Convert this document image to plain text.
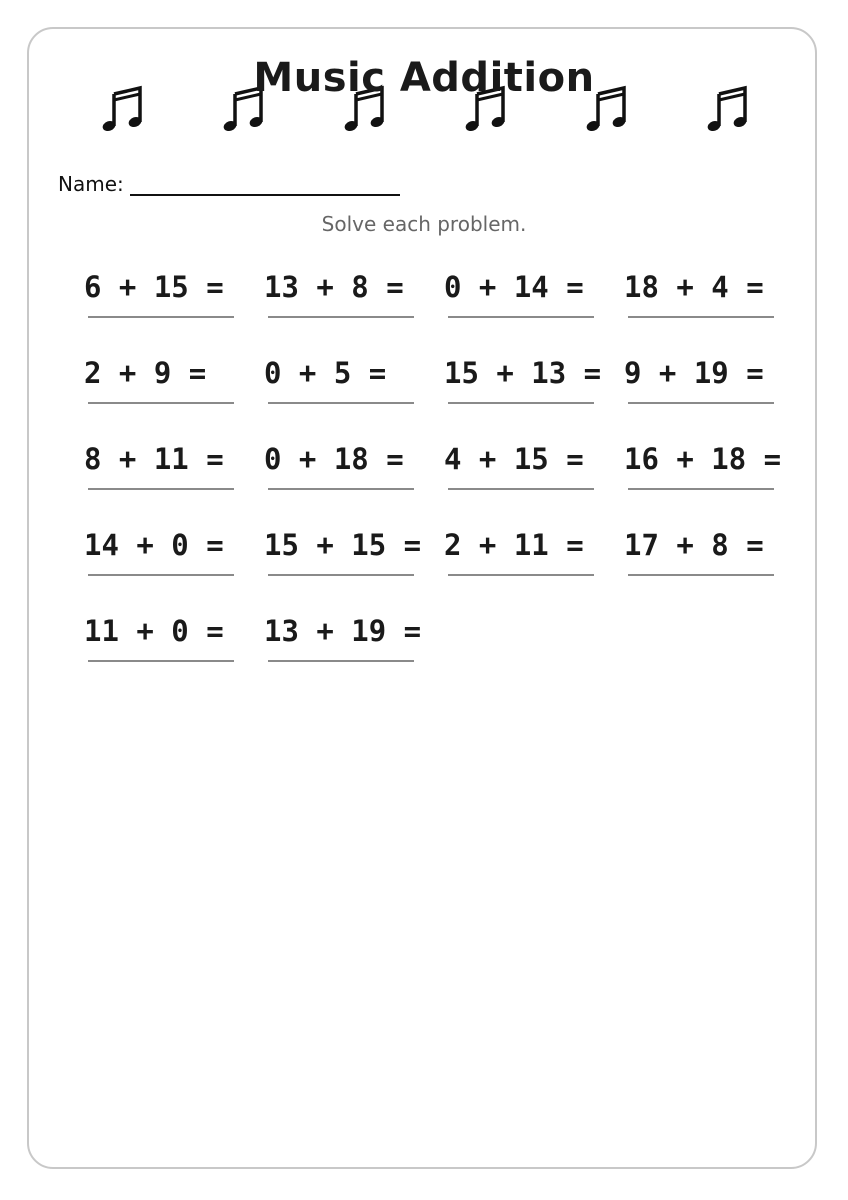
Music Addition
Name:
Solve each problem.
6 + 15 = 13 + 8 = 0 + 14 = 18 + 4 =
2 + 9 = 0 + 5 = 15 + 13 = 9 + 19 =
8 + 11 = 0 + 18 = 4 + 15 = 16 + 18 =
14 + 0 = 15 + 15 = 2 + 11 = 17 + 8 =
11 + 0 = 13 + 19 =
